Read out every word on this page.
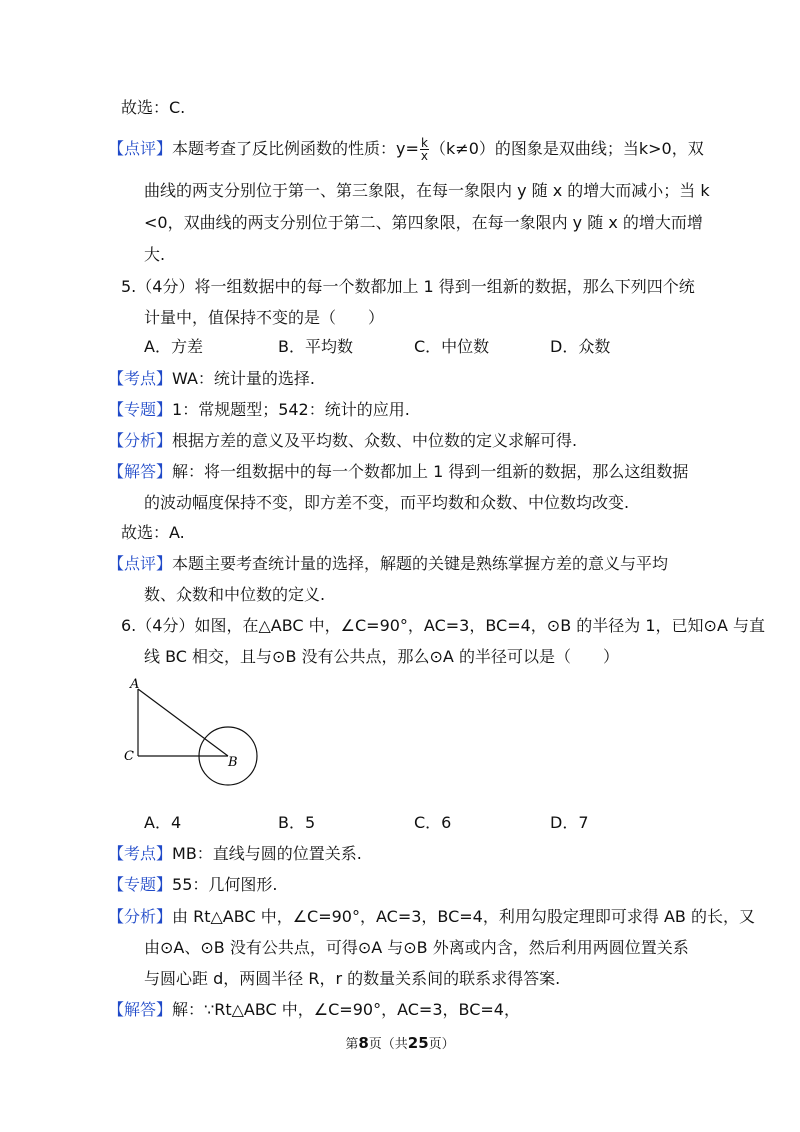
故选：C.
【点评】本题考查了反比例函数的性质：$y= \frac{k}{x} (k\ne 0)$的图象是双曲线；当k>0，双
曲线的两支分别位于第一、第三象限，在每一象限内 y 随 x 的增大而减小；当 k
<0，双曲线的两支分别位于第二、第四象限，在每一象限内 y 随 x 的增大而增
大.
5.（4分）将一组数据中的每一个数都加上 1 得到一组新的数据，那么下列四个统
计量中，值保持不变的是（　　）
A．方差	B．平均数	C．中位数	D．众数
【考点】WA：统计量的选择.
【专题】1：常规题型；542：统计的应用.
【分析】根据方差的意义及平均数、众数、中位数的定义求解可得.
【解答】解：将一组数据中的每一个数都加上 1 得到一组新的数据，那么这组数据
的波动幅度保持不变，即方差不变，而平均数和众数、中位数均改变.
故选：A.
【点评】本题主要考查统计量的选择，解题的关键是熟练掌握方差的意义与平均
数、众数和中位数的定义.
6.（4分）如图，在△ABC 中，∠C=90°，AC=3，BC=4，⊙B 的半径为 1，已知⊙A 与直
线 BC 相交，且与⊙B 没有公共点，那么⊙A 的半径可以是（　　）
A
C	B
A．4	B．5	C．6	D．7
【考点】MB：直线与圆的位置关系.
【专题】55：几何图形.
【分析】由 Rt△ABC 中，∠C=90°，AC=3，BC=4，利用勾股定理即可求得 AB 的长，又
由⊙A、⊙B 没有公共点，可得⊙A 与⊙B 外离或内含，然后利用两圆位置关系
与圆心距 d，两圆半径 R，r 的数量关系间的联系求得答案.
【解答】解：∵Rt△ABC 中，∠C=90°，AC=3，BC=4，
第8页（共25页）
